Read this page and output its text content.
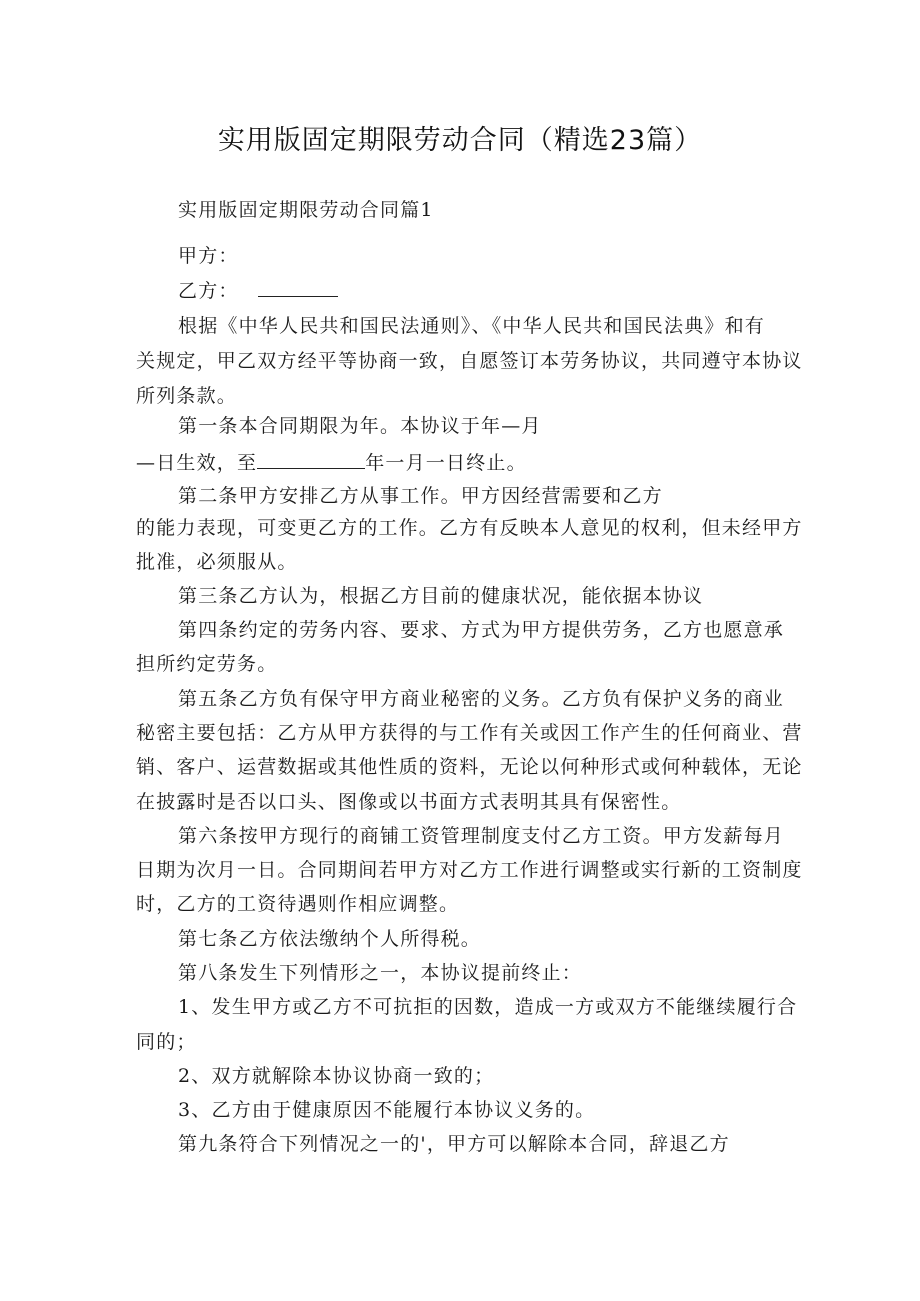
实用版固定期限劳动合同（精选23篇）
实用版固定期限劳动合同篇1
甲方：
乙方：
根据《中华人民共和国民法通则》、《中华人民共和国民法典》和有
关规定，甲乙双方经平等协商一致，自愿签订本劳务协议，共同遵守本协议
所列条款。
第一条本合同期限为年。本协议于年—月
—日生效，至	年一月一日终止。
第二条甲方安排乙方从事工作。甲方因经营需要和乙方
的能力表现，可变更乙方的工作。乙方有反映本人意见的权利，但未经甲方
批准，必须服从。
第三条乙方认为，根据乙方目前的健康状况，能依据本协议
第四条约定的劳务内容、要求、方式为甲方提供劳务，乙方也愿意承
担所约定劳务。
第五条乙方负有保守甲方商业秘密的义务。乙方负有保护义务的商业
秘密主要包括：乙方从甲方获得的与工作有关或因工作产生的任何商业、营
销、客户、运营数据或其他性质的资料，无论以何种形式或何种载体，无论
在披露时是否以口头、图像或以书面方式表明其具有保密性。
第六条按甲方现行的商铺工资管理制度支付乙方工资。甲方发薪每月
日期为次月一日。合同期间若甲方对乙方工作进行调整或实行新的工资制度
时，乙方的工资待遇则作相应调整。
第七条乙方依法缴纳个人所得税。
第八条发生下列情形之一，本协议提前终止：
1、发生甲方或乙方不可抗拒的因数，造成一方或双方不能继续履行合
同的；
2、双方就解除本协议协商一致的；
3、乙方由于健康原因不能履行本协议义务的。
第九条符合下列情况之一的'，甲方可以解除本合同，辞退乙方
